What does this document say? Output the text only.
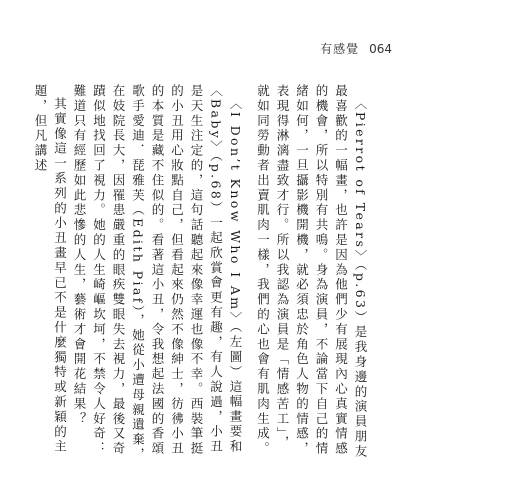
有感覺 064

〈Pierrot of Tears〉（p.63）是我身邊的演員朋友最喜歡的一幅畫，也許是因為他們少有展現內心真實情感的機會，所以特別有共鳴。身為演員，不論當下自己的情緒如何，一旦攝影機開機，就必須忠於角色人物的情感，表現得淋漓盡致才行。所以我認為演員是「情感苦工」，就如同勞動者出賣肌肉一樣，我們的心也會有肌肉生成。

〈I Don’t Know Who I Am〉（左圖）這幅畫要和〈Baby〉（p.68）一起欣賞會更有趣，有人說過，小丑是天生注定的，這句話聽起來像幸運也像不幸。西裝筆挺的小丑用心妝點自己，但看起來仍然不像紳士，彷彿小丑的本質是藏不住似的。看著這小丑，令我想起法國的香頌歌手愛迪．琵雅芙（Edith Piaf），她從小遭母親遺棄，在妓院長大，因罹患嚴重的眼疾雙眼失去視力，最後又奇蹟似地找回了視力。她的人生崎嶇坎坷，不禁令人好奇：難道只有經歷如此悲慘的人生，藝術才會開花結果？

其實像這一系列的小丑畫早已不是什麼獨特或新穎的主題，但凡講述
